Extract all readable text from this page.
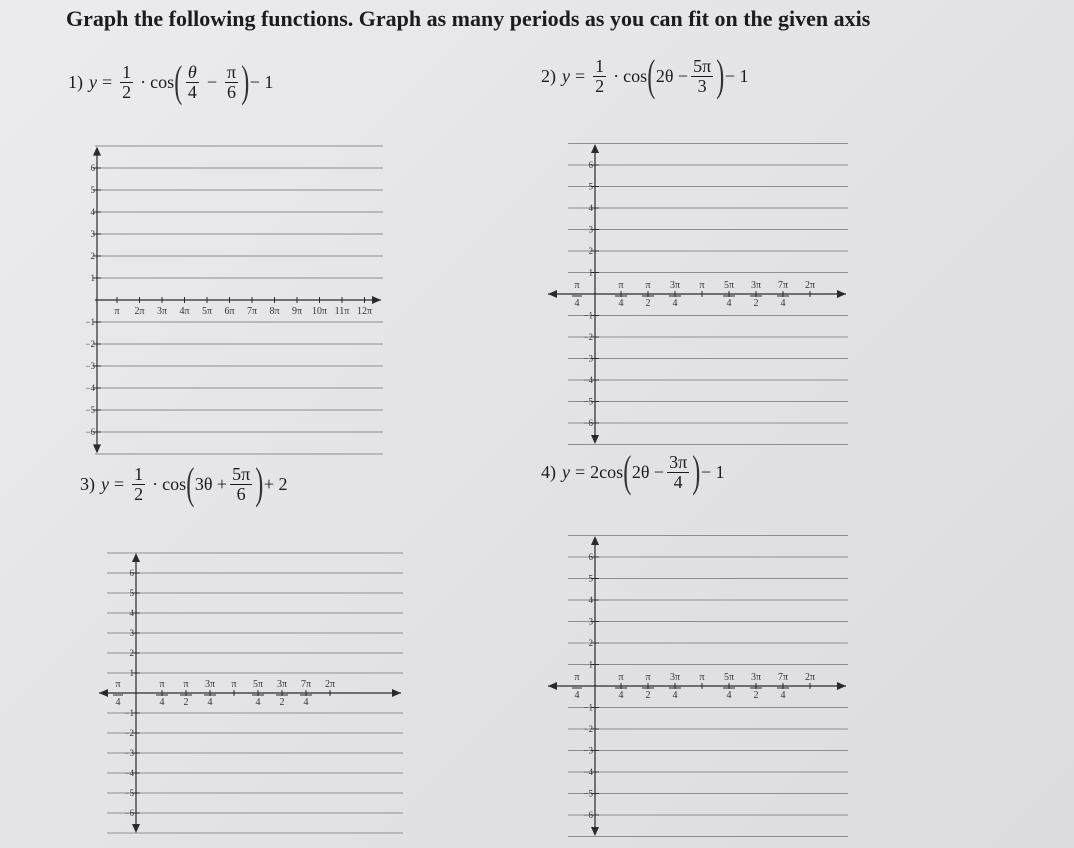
Graph the following functions. Graph as many periods as you can fit on the given axis
1) $y = \frac{1}{2} \cdot \cos$ ( $\frac{\theta}{4} - \frac{\pi}{6}$ ) − 1	2) $y = \frac{1}{2} \cdot \cos$ ( $2\theta - \frac{5\pi}{3}$ ) − 1
3) $y = \frac{1}{2} \cdot \cos$ ( $3\theta + \frac{5\pi}{6}$ ) + 2
4) y = 2cos ( $2\theta - \frac{3\pi}{4}$ ) − 1
1
2
3
4
5
6
−1
−2
−3
−4
−5
−6
π 2π 3π 4π 5π 6π 7π 8π 9π 10π 11π 12π
1
2
3
4
5
6
−1
−2
−3
−4
−5
−6
π
4
π
4
π
2
3π
4
π 5π
4
3π
2
7π
4
2π
1
2
3
4
5
6
−1
−2
−3
−4
−5
−6
π
4
π
4
π
2
3π
4
π 5π
4
3π
2
7π
4
2π
1
2
3
4
5
6
−1
−2
−3
−4
−5
−6
π
4
π
4
π
2
3π
4
π 5π
4
3π
2
7π
4
2π
